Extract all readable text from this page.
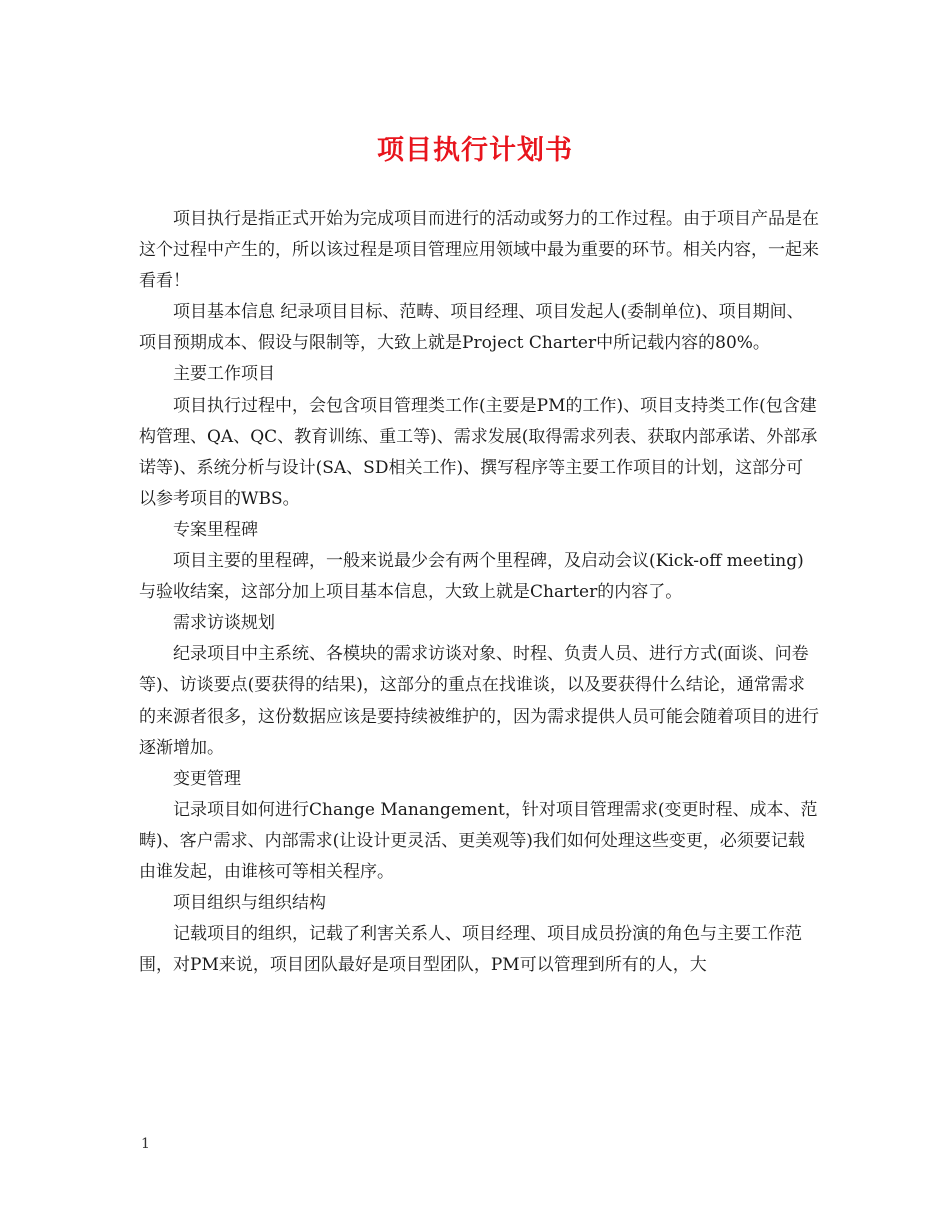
项目执行计划书

项目执行是指正式开始为完成项目而进行的活动或努力的工作过程。由于项目产品是在这个过程中产生的，所以该过程是项目管理应用领域中最为重要的环节。相关内容，一起来看看！

项目基本信息 纪录项目目标、范畴、项目经理、项目发起人(委制单位)、项目期间、项目预期成本、假设与限制等，大致上就是Project Charter中所记载内容的80%。

主要工作项目

项目执行过程中，会包含项目管理类工作(主要是PM的工作)、项目支持类工作(包含建构管理、QA、QC、教育训练、重工等)、需求发展(取得需求列表、获取内部承诺、外部承诺等)、系统分析与设计(SA、SD相关工作)、撰写程序等主要工作项目的计划，这部分可以参考项目的WBS。

专案里程碑

项目主要的里程碑，一般来说最少会有两个里程碑，及启动会议(Kick-off meeting)与验收结案，这部分加上项目基本信息，大致上就是Charter的内容了。

需求访谈规划

纪录项目中主系统、各模块的需求访谈对象、时程、负责人员、进行方式(面谈、问卷等)、访谈要点(要获得的结果)，这部分的重点在找谁谈，以及要获得什么结论，通常需求的来源者很多，这份数据应该是要持续被维护的，因为需求提供人员可能会随着项目的进行逐渐增加。

变更管理

记录项目如何进行Change Manangement，针对项目管理需求(变更时程、成本、范畴)、客户需求、内部需求(让设计更灵活、更美观等)我们如何处理这些变更，必须要记载由谁发起，由谁核可等相关程序。

项目组织与组织结构

记载项目的组织，记载了利害关系人、项目经理、项目成员扮演的角色与主要工作范围，对PM来说，项目团队最好是项目型团队，PM可以管理到所有的人，大

1
